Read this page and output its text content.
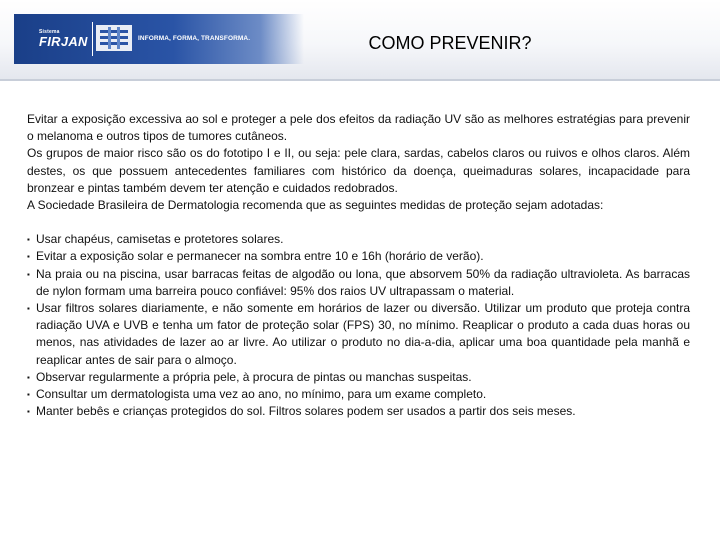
Sistema
FIRJAN	INFORMA, FORMA, TRANSFORMA.	COMO PREVENIR?

Evitar a exposição excessiva ao sol e proteger a pele dos efeitos da radiação UV são as melhores estratégias para prevenir o melanoma e outros tipos de tumores cutâneos.

Os grupos de maior risco são os do fototipo I e II, ou seja: pele clara, sardas, cabelos claros ou ruivos e olhos claros. Além destes, os que possuem antecedentes familiares com histórico da doença, queimaduras solares, incapacidade para bronzear e pintas também devem ter atenção e cuidados redobrados.

A Sociedade Brasileira de Dermatologia recomenda que as seguintes medidas de proteção sejam adotadas:

▪ Usar chapéus, camisetas e protetores solares.
▪ Evitar a exposição solar e permanecer na sombra entre 10 e 16h (horário de verão).
▪ Na praia ou na piscina, usar barracas feitas de algodão ou lona, que absorvem 50% da radiação ultravioleta. As barracas de nylon formam uma barreira pouco confiável: 95% dos raios UV ultrapassam o material.
▪ Usar filtros solares diariamente, e não somente em horários de lazer ou diversão. Utilizar um produto que proteja contra radiação UVA e UVB e tenha um fator de proteção solar (FPS) 30, no mínimo. Reaplicar o produto a cada duas horas ou menos, nas atividades de lazer ao ar livre. Ao utilizar o produto no dia-a-dia, aplicar uma boa quantidade pela manhã e reaplicar antes de sair para o almoço.
▪ Observar regularmente a própria pele, à procura de pintas ou manchas suspeitas.
▪ Consultar um dermatologista uma vez ao ano, no mínimo, para um exame completo.
▪ Manter bebês e crianças protegidos do sol. Filtros solares podem ser usados a partir dos seis meses.
